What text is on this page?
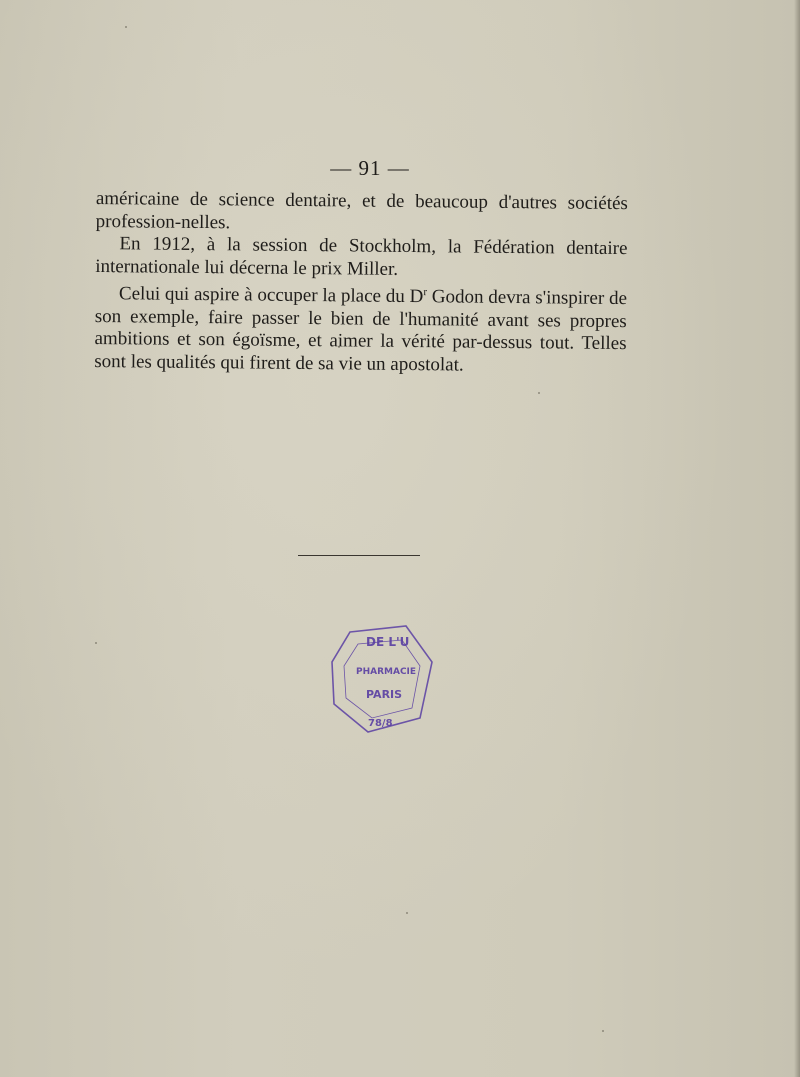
— 91 —

américaine de science dentaire, et de beaucoup d'autres sociétés profession-nelles.

En 1912, à la session de Stockholm, la Fédération dentaire internationale lui décerna le prix Miller.

Celui qui aspire à occuper la place du $D^r$ Godon devra s'inspirer de son exemple, faire passer le bien de l'humanité avant ses propres ambitions et son égoïsme, et aimer la vérité par-dessus tout. Telles sont les qualités qui firent de sa vie un apostolat.

DE L'U
PHARMACIE
PARIS
78/8
